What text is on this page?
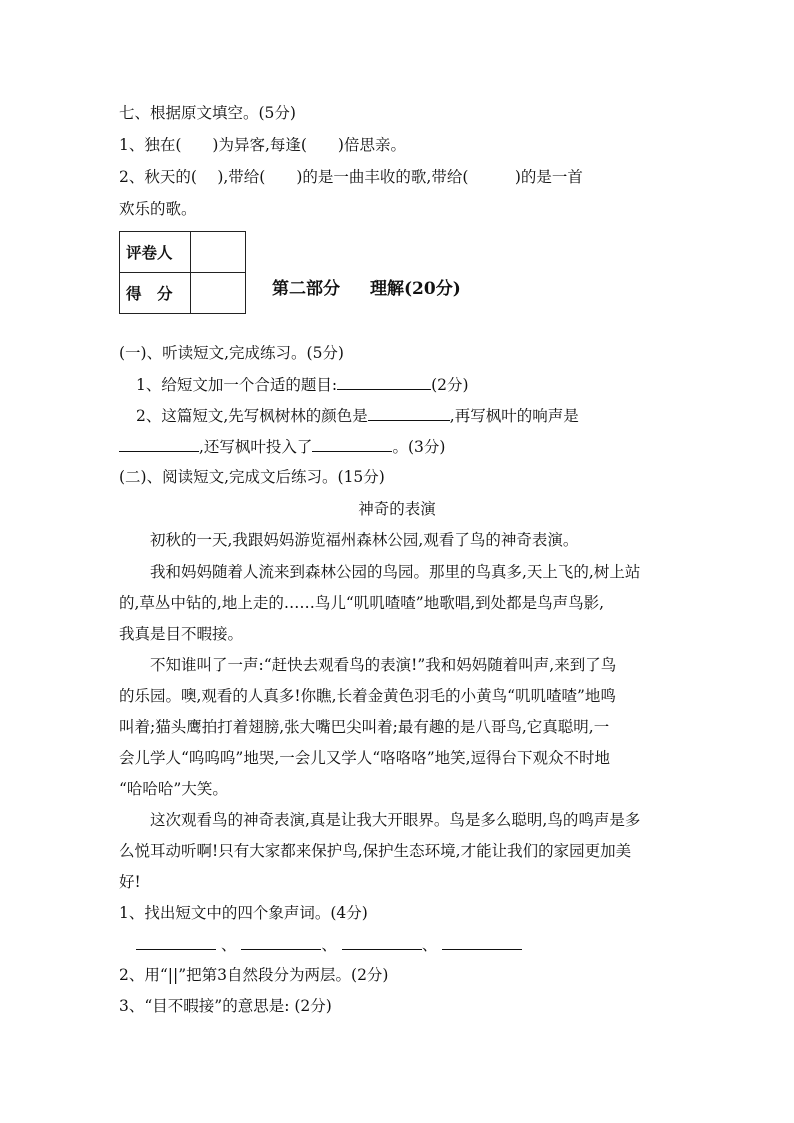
七、根据原文填空。(5分)
1、独在(　　)为异客,每逢(　　)倍思亲。
2、秋天的(　 ),带给(　　)的是一曲丰收的歌,带给(　　　)的是一首
欢乐的歌。
评卷人	
得　分		第二部分 理解(20分)
(一)、听读短文,完成练习。(5分)
1、给短文加一个合适的题目:	(2分)
2、这篇短文,先写枫树林的颜色是	,再写枫叶的响声是
,还写枫叶投入了	。(3分)
(二)、阅读短文,完成文后练习。(15分)
神奇的表演
初秋的一天,我跟妈妈游览福州森林公园,观看了鸟的神奇表演。
我和妈妈随着人流来到森林公园的鸟园。那里的鸟真多,天上飞的,树上站
的,草丛中钻的,地上走的……鸟儿“叽叽喳喳”地歌唱,到处都是鸟声鸟影,
我真是目不暇接。
不知谁叫了一声:“赶快去观看鸟的表演!”我和妈妈随着叫声,来到了鸟
的乐园。噢,观看的人真多!你瞧,长着金黄色羽毛的小黄鸟“叽叽喳喳”地鸣
叫着;猫头鹰拍打着翅膀,张大嘴巴尖叫着;最有趣的是八哥鸟,它真聪明,一
会儿学人“呜呜呜”地哭,一会儿又学人“咯咯咯”地笑,逗得台下观众不时地
“哈哈哈”大笑。
这次观看鸟的神奇表演,真是让我大开眼界。鸟是多么聪明,鸟的鸣声是多
么悦耳动听啊!只有大家都来保护鸟,保护生态环境,才能让我们的家园更加美
好!
1、找出短文中的四个象声词。(4分)
、	、	、
2、用“||”把第3自然段分为两层。(2分)
3、“目不暇接”的意思是: (2分)
